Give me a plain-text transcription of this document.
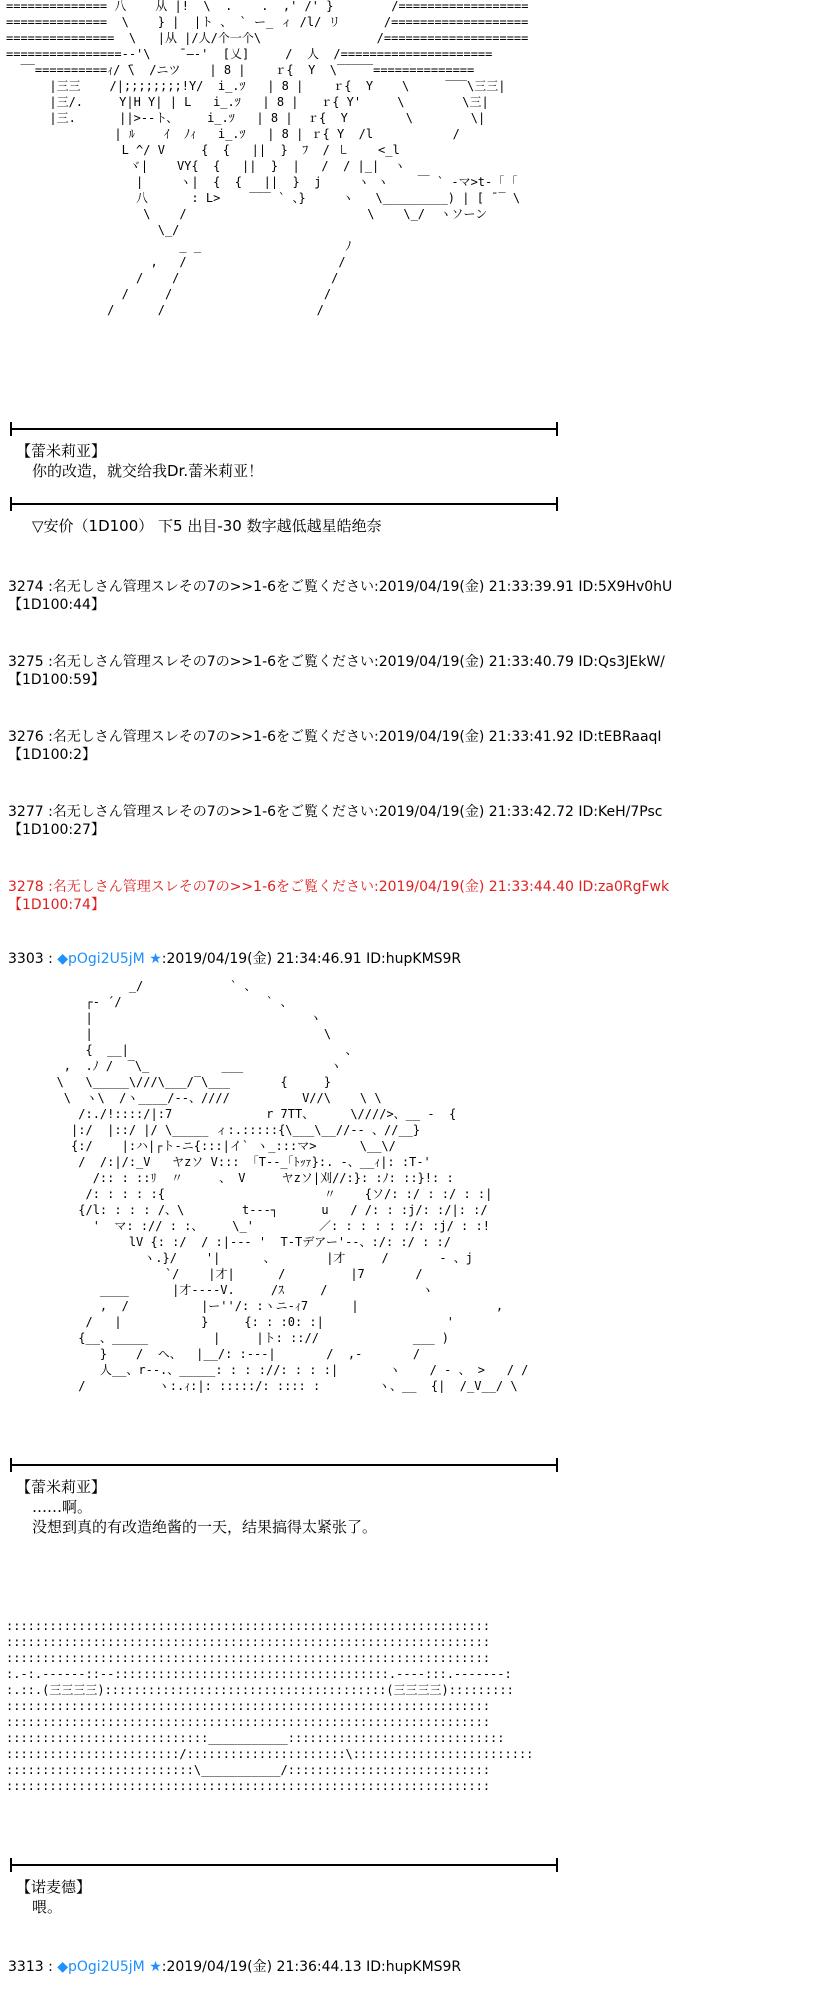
============== 八    从 |!  \  .    .  ,' /' }        /==================
==============  \    } |  |ト 、 ` ー_ ィ /l/ リ      /===================
===============  \   |从 |/人/个一个\                /====================
================-‐'\    ̄ ―‐'  [乂]     /  人  /=====================
‾‾==========ｨ/ ̄\  /ニツ    | 8 |    ｒ{  Y  \‾‾‾‾‾==============
|三三    /|;;;;;;;;!Y/  i_.ﾂ   | 8 |    ｒ{  Y    \     ‾‾‾\三三|
|三/.     Y|H Y| | L   i_.ﾂ   | 8 |   ｒ{ Y'     \        \三|
|三.      ||>‐‐ト、    i_.ﾂ   | 8 |  ｒ{  Y        \        \|
| ﾙ    ｲ  ﾉｨ   i_.ﾂ   | 8 | ｒ{ Y  /l           /
L ^/ V     {  {   ||  }  ﾌ  / ㇄    <_l
ヾ|    VY{  {   ||  }  |   /  / |_|  ヽ
|     ヽ|  {  {   ||  }  j     ヽ ヽ    ￣ ` ‐マ>t‐「 ｢
八      : L>    ‾‾‾ ` 、}     ヽ   \_________) | [ ̄ ‾ \
\    /                         \    \_/  ヽソーン
\_/
_ _                    ﾉ
,   /                     /
/    /                     /
/     /                     /
/      /                     /

【蕾米莉亚】
你的改造，就交给我Dr.蕾米莉亚！
▽安价（1D100） 下5 出目-30 数字越低越星皓绝奈
3274 :名无しさん管理スレその7の>>1-6をご覧ください:2019/04/19(金) 21:33:39.91 ID:5X9Hv0hU
【1D100:44】
3275 :名无しさん管理スレその7の>>1-6をご覧ください:2019/04/19(金) 21:33:40.79 ID:Qs3JEkW/
【1D100:59】
3276 :名无しさん管理スレその7の>>1-6をご覧ください:2019/04/19(金) 21:33:41.92 ID:tEBRaaqI
【1D100:2】
3277 :名无しさん管理スレその7の>>1-6をご覧ください:2019/04/19(金) 21:33:42.72 ID:KeH/7Psc
【1D100:27】
3278 :名无しさん管理スレその7の>>1-6をご覧ください:2019/04/19(金) 21:33:44.40 ID:za0RgFwk
【1D100:74】
3303 : ◆pOgi2U5jM ★:2019/04/19(金) 21:34:46.91 ID:hupKMS9R
_/            ` 、
┌‐ ´/                    ` 、
|                              ヽ
|                                \
{  __|                              、
,  .ﾉ /  ‾\_          ___            ヽ
\   \_____\///\___/‾\___       {     }
\  ヽ\  /ヽ____/--、////          V//\    \ \
/:./!::::/|:7             r 7TT、     \////>、__ -  {
|:/  |::/ |/ \_____ ィ:.:::::{\___\__//-- 、//__}
{:/    |:ハ|┌ト-ニ{:::|イ` ヽ_:::マ>      \__\/
/  /:|/:_V   ヤzソ V::: 「T‐-_｢ﾄｯｧ}:. ‐、__ｨ|: :T‐'
/:: : ::ﾘ  〃     、 V     ヤzソ|刈//:}: :ﾉ: ::}!: :
/: : : : :{                      〃    {ソ/: :/ : :/ : :|
{/l: : : : /、\        t--‐┐      u   / /: : :j/: :/|: :/
'  マ: :// : :、    \_'         ／: : : : : :/: :j/ : :!
lV {: :/  / :|‐-- '  T-Tデアー'‐-、:/: :/ : :/
ヽ.}/    '|      、       |才     /       ‐ 、j
`/    |才|      /         |7       /
____      |才‐‐‐-V.     /ｽ     /             ヽ
,  /          |ー''/: :ヽニ-ｨ7      |                   ,
/   |           }     {: : :0: :|                 '
{__、_____         |     |ト: :://             ___ )
}    /  ヘ、  |__/: :‐-‐|       /  ,‐       /
人__、r‐-.、_____: : : ://: : : :|       ヽ    / ‐ 、 >   / /
/          ヽ:.ｨ:|: :::::/: :::: :        ヽ、__  {|  /_V__/ \

【蕾米莉亚】
……啊。
没想到真的有改造绝酱的一天，结果搞得太紧张了。
:::::::::::::::::::::::::::::::::::::::::::::::::::::::::::::::::::
:::::::::::::::::::::::::::::::::::::::::::::::::::::::::::::::::::
:::::::::::::::::::::::::::::::::::::::::::::::::::::::::::::::::::
:.-:.---‐‐-::--::::::::::::::::::::::::::::::::::::::.‐‐--:::.--‐‐---:
:.::.(三三三三):::::::::::::::::::::::::::::::::::::::(三三三三):::::::::
:::::::::::::::::::::::::::::::::::::::::::::::::::::::::::::::::::
:::::::::::::::::::::::::::::::::::::::::::::::::::::::::::::::::::
::::::::::::::::::::::::::::___________::::::::::::::::::::::::::::::
::::::::::::::::::::::::/::::::::::::::::::::::\:::::::::::::::::::::::::
::::::::::::::::::::::::::\___________/::::::::::::::::::::::::::::
:::::::::::::::::::::::::::::::::::::::::::::::::::::::::::::::::::

【诺麦德】
喂。
3313 : ◆pOgi2U5jM ★:2019/04/19(金) 21:36:44.13 ID:hupKMS9R
